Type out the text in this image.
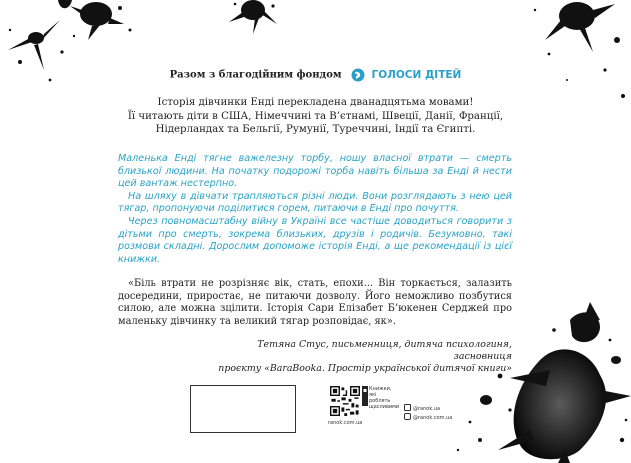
Разом з благодійним фондом	ГОЛОСИ ДІТЕЙ
Історія дівчинки Енді перекладена дванадцятьма мовами!
Її читають діти в США, Німеччині та В’єтнамі, Швеції, Данії, Франції,
Нідерландах та Бельгії, Румунії, Туреччині, Індії та Єгипті.

Маленька Енді тягне важелезну торбу, ношу власної втрати — смерть близької людини. На початку подорожі торба навіть більша за Енді й нести цей вантаж нестерпно.

На шляху в дівчати трапляються різні люди. Вони розглядають з нею цей тягар, пропонуючи поділитися горем, питаючи в Енді про почуття.

Через повномасштабну війну в Україні все частіше доводиться говорити з дітьми про смерть, зокрема близьких, друзів і родичів. Безумовно, такі розмови складні. Дорослим допоможе історія Енді, а ще рекомендації із цієї книжки.

«Біль втрати не розрізняє вік, стать, епохи... Він торкається, залазить досередини, приростає, не питаючи дозволу. Його неможливо позбутися силою, але можна зцілити. Історія Сари Елізабет Б’юкенен Серджей про маленьку дівчинку та великий тягар розповідає, як».

Тетяна Стус, письменниця, дитяча психологиня, засновниця
проєкту «BaraBooka. Простір української дитячої книги»
ranok.com.ua
Книжки, які роблять щасливими	@ranok.ua
@ranok.com.ua
